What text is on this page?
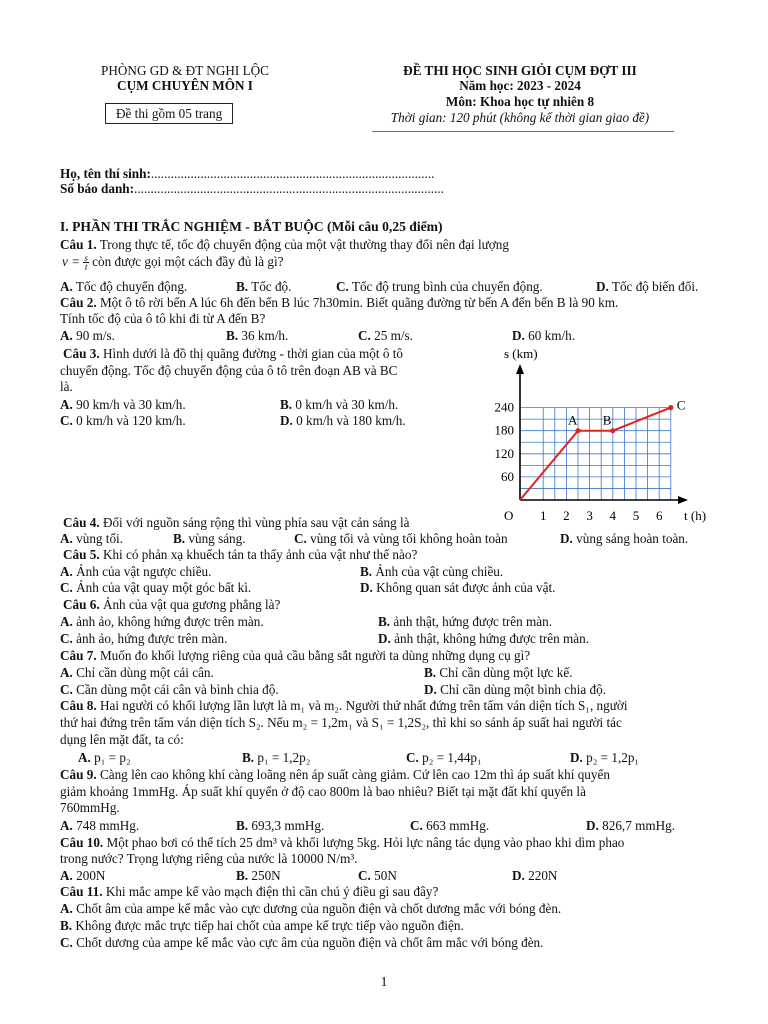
PHÒNG GD & ĐT NGHI LỘC
CỤM CHUYÊN MÔN I
Đề thi gồm 05 trang
ĐỀ THI HỌC SINH GIỎI CỤM ĐỢT III
Năm học: 2023 - 2024
Môn: Khoa học tự nhiên 8
Thời gian: 120 phút (không kể thời gian giao đề)
Họ, tên thí sinh:......................................................................................
Số báo danh:..............................................................................................
I. PHẦN THI TRẮC NGHIỆM - BẮT BUỘC (Mỗi câu 0,25 điểm)
Câu 1. Trong thực tế, tốc độ chuyển động của một vật thường thay đổi nên đại lượng
$v = \frac{s}{t}$ còn được gọi một cách đầy đủ là gì?
A. Tốc độ chuyển động.	B. Tốc độ.	C. Tốc độ trung bình của chuyển động.	D. Tốc độ biến đổi.
Câu 2. Một ô tô rời bến A lúc 6h đến bến B lúc 7h30min. Biết quãng đường từ bến A đến bến B là 90 km.
Tính tốc độ của ô tô khi đi từ A đến B?
A. 90 m/s.	B. 36 km/h.	C. 25 m/s.	D. 60 km/h.
Câu 3. Hình dưới là đồ thị quãng đường - thời gian của một ô tô
chuyển động. Tốc độ chuyển động của ô tô trên đoạn AB và BC
là.
A. 90 km/h và 30 km/h.	B. 0 km/h và 30 km/h.
C. 0 km/h và 120 km/h.	D. 0 km/h và 180 km/h.
s (km)
t (h)
O 1 2 3 4 5 6
60
120
180
240
A B
C
Câu 4. Đối với nguồn sáng rộng thì vùng phía sau vật cản sáng là
A. vùng tối.	B. vùng sáng.	C. vùng tối và vùng tối không hoàn toàn	D. vùng sáng hoàn toàn.
Câu 5. Khi có phản xạ khuếch tán ta thấy ảnh của vật như thế nào?
A. Ảnh của vật ngược chiều.	B. Ảnh của vật cùng chiều.
C. Ảnh của vật quay một góc bất kì.	D. Không quan sát được ảnh của vật.
Câu 6. Ảnh của vật qua gương phẳng là?
A. ảnh ảo, không hứng được trên màn.	B. ảnh thật, hứng được trên màn.
C. ảnh ảo, hứng được trên màn.	D. ảnh thật, không hứng được trên màn.
Câu 7. Muốn đo khối lượng riêng của quả cầu bằng sắt người ta dùng những dụng cụ gì?
A. Chỉ cần dùng một cái cân.	B. Chỉ cần dùng một lực kế.
C. Cần dùng một cái cân và bình chia độ.	D. Chỉ cần dùng một bình chia độ.
Câu 8. Hai người có khối lượng lần lượt là m₁ và m₂. Người thứ nhất đứng trên tấm ván diện tích S₁, người
thứ hai đứng trên tấm ván diện tích S₂. Nếu m₂ = 1,2m₁ và S₁ = 1,2S₂, thì khi so sánh áp suất hai người tác
dụng lên mặt đất, ta có:
A. p₁ = p₂	B. p₁ = 1,2p₂	C. p₂ = 1,44p₁	D. p₂ = 1,2p₁
Câu 9. Càng lên cao không khí càng loãng nên áp suất càng giảm. Cứ lên cao 12m thì áp suất khí quyển
giảm khoảng 1mmHg. Áp suất khí quyển ở độ cao 800m là bao nhiêu? Biết tại mặt đất khí quyển là
760mmHg.
A. 748 mmHg.	B. 693,3 mmHg.	C. 663 mmHg.	D. 826,7 mmHg.
Câu 10. Một phao bơi có thể tích 25 dm³ và khối lượng 5kg. Hỏi lực nâng tác dụng vào phao khi dìm phao
trong nước? Trọng lượng riêng của nước là 10000 N/m³.
A. 200N	B. 250N	C. 50N	D. 220N
Câu 11. Khi mắc ampe kế vào mạch điện thì cần chú ý điều gì sau đây?
A. Chốt âm của ampe kế mắc vào cực dương của nguồn điện và chốt dương mắc với bóng đèn.
B. Không được mắc trực tiếp hai chốt của ampe kế trực tiếp vào nguồn điện.
C. Chốt dương của ampe kế mắc vào cực âm của nguồn điện và chốt âm mắc với bóng đèn.
1
